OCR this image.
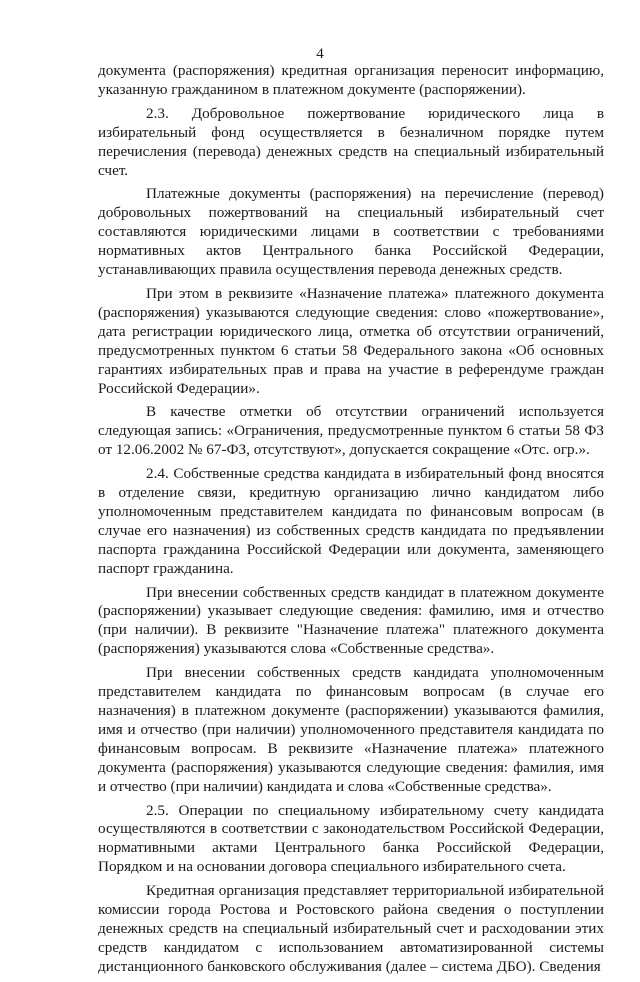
4

документа (распоряжения) кредитная организация переносит информацию, указанную гражданином в платежном документе (распоряжении).

2.3. Добровольное пожертвование юридического лица в избирательный фонд осуществляется в безналичном порядке путем перечисления (перевода) денежных средств на специальный избирательный счет.

Платежные документы (распоряжения) на перечисление (перевод) добровольных пожертвований на специальный избирательный счет составляются юридическими лицами в соответствии с требованиями нормативных актов Центрального банка Российской Федерации, устанавливающих правила осуществления перевода денежных средств.

При этом в реквизите «Назначение платежа» платежного документа (распоряжения) указываются следующие сведения: слово «пожертвование», дата регистрации юридического лица, отметка об отсутствии ограничений, предусмотренных пунктом 6 статьи 58 Федерального закона «Об основных гарантиях избирательных прав и права на участие в референдуме граждан Российской Федерации».

В качестве отметки об отсутствии ограничений используется следующая запись: «Ограничения, предусмотренные пунктом 6 статьи 58 ФЗ от 12.06.2002 № 67-ФЗ, отсутствуют», допускается сокращение «Отс. огр.».

2.4. Собственные средства кандидата в избирательный фонд вносятся в отделение связи, кредитную организацию лично кандидатом либо уполномоченным представителем кандидата по финансовым вопросам (в случае его назначения) из собственных средств кандидата по предъявлении паспорта гражданина Российской Федерации или документа, заменяющего паспорт гражданина.

При внесении собственных средств кандидат в платежном документе (распоряжении) указывает следующие сведения: фамилию, имя и отчество (при наличии). В реквизите "Назначение платежа" платежного документа (распоряжения) указываются слова «Собственные средства».

При внесении собственных средств кандидата уполномоченным представителем кандидата по финансовым вопросам (в случае его назначения) в платежном документе (распоряжении) указываются фамилия, имя и отчество (при наличии) уполномоченного представителя кандидата по финансовым вопросам. В реквизите «Назначение платежа» платежного документа (распоряжения) указываются следующие сведения: фамилия, имя и отчество (при наличии) кандидата и слова «Собственные средства».

2.5. Операции по специальному избирательному счету кандидата осуществляются в соответствии с законодательством Российской Федерации, нормативными актами Центрального банка Российской Федерации, Порядком и на основании договора специального избирательного счета.

Кредитная организация представляет территориальной избирательной комиссии города Ростова и Ростовского района сведения о поступлении денежных средств на специальный избирательный счет и расходовании этих средств кандидатом с использованием автоматизированной системы дистанционного банковского обслуживания (далее – система ДБО). Сведения
